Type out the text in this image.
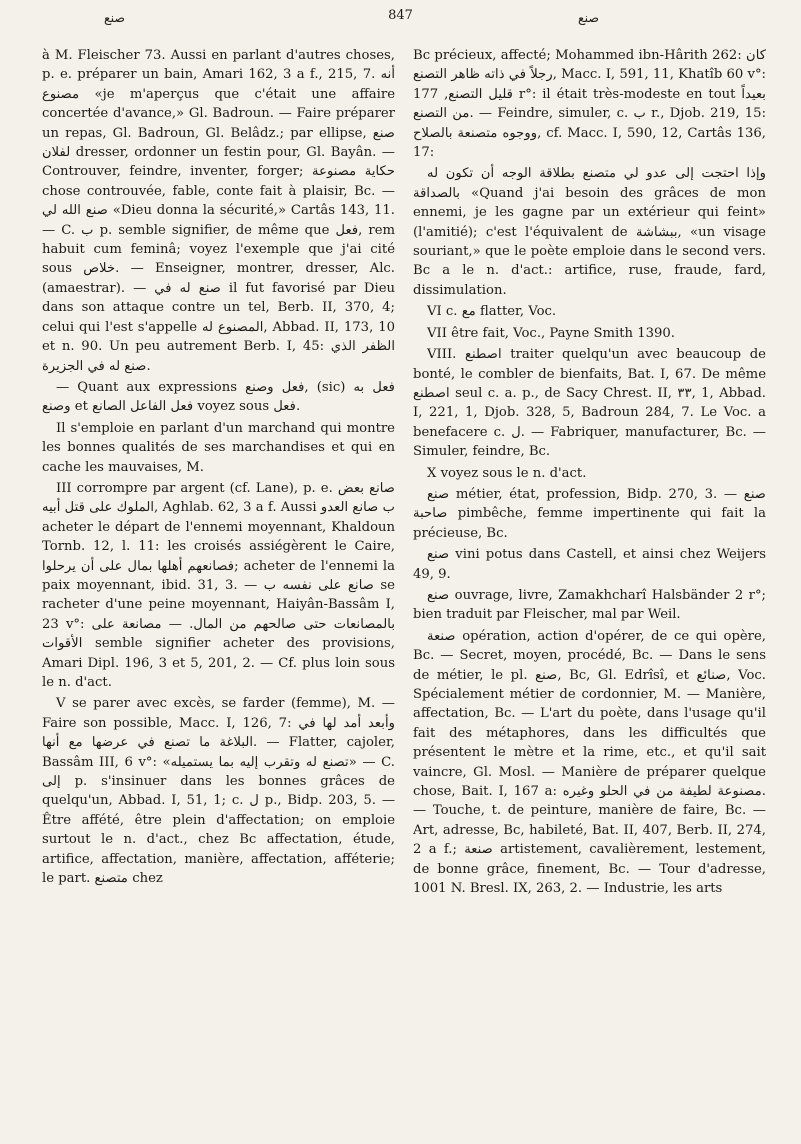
صنع	847	صنع

à M. Fleischer 73. Aussi en parlant d'autres choses, p. e. préparer un bain, Amari 162, 3 a f., 215, 7. أنه مصنوع «je m'aperçus que c'était une affaire concertée d'avance,» Gl. Badroun. — Faire préparer un repas, Gl. Badroun, Gl. Belâdz.; par ellipse, صنع لفلان dresser, ordonner un festin pour, Gl. Bayân. — Controuver, feindre, inventer, forger; حكاية مصنوعة chose controuvée, fable, conte fait à plaisir, Bc. — صنع الله لي «Dieu donna la sécurité,» Cartâs 143, 11. — C. ب p. semble signifier, de même que فعل, rem habuit cum feminâ; voyez l'exemple que j'ai cité sous خلاص. — Enseigner, montrer, dresser, Alc. (amaestrar). — صنع له في il fut favorisé par Dieu dans son attaque contre un tel, Berb. II, 370, 4; celui qui l'est s'appelle المصنوع له, Abbad. II, 173, 10 et n. 90. Un peu autrement Berb. I, 45: الظفر الذي صنع له في الجزيرة.

— Quant aux expressions فعل وصنع, (sic) فعل به وصنع et فعل الفاعل الصانع voyez sous فعل.

Il s'emploie en parlant d'un marchand qui montre les bonnes qualités de ses marchandises et qui en cache les mauvaises, M.

III corrompre par argent (cf. Lane), p. e. صانع بعض الملوك على قتل أبيه, Aghlab. 62, 3 a f. Aussi ب صانع العدو acheter le départ de l'ennemi moyennant, Khaldoun Tornb. 12, l. 11: les croisés assiégèrent le Caire, فصانعهم أهلها بمال على أن يرحلوا; acheter de l'ennemi la paix moyennant, ibid. 31, 3. — صانع على نفسه ب se racheter d'une peine moyennant, Haiyân-Bassâm I, 23 v°: بالمصانعات حتى صالحهم من المال. — مصانعة على الأقوات semble signifier acheter des provisions, Amari Dipl. 196, 3 et 5, 201, 2. — Cf. plus loin sous le n. d'act.

V se parer avec excès, se farder (femme), M. — Faire son possible, Macc. I, 126, 7: وأبعد أمد لها في البلاغة ما تصنع في عرضها مع أنها. — Flatter, cajoler, Bassâm III, 6 v°: «تصنع له وتقرب إليه بما يستميله» — C. إلى p. s'insinuer dans les bonnes grâces de quelqu'un, Abbad. I, 51, 1; c. ل p., Bidp. 203, 5. — Être affété, être plein d'affectation; on emploie surtout le n. d'act., chez Bc affectation, étude, artifice, affectation, manière, affectation, afféterie; le part. متصنع chez

Bc précieux, affecté; Mohammed ibn-Hârith 262: كان رجلاً في ذاته ظاهر التصنع, Macc. I, 591, 11, Khatîb 60 v°: قليل التصنع, 177 r°: il était très-modeste en tout بعيداً من التصنع. — Feindre, simuler, c. ب r., Djob. 219, 15: ووجوه متصنعة بالصلاح, cf. Macc. I, 590, 12, Cartâs 136, 17:

وإذا احتجت إلى عدو لي متصنع بطلاقة الوجه أن تكون له بالصداقة «Quand j'ai besoin des grâces de mon ennemi, je les gagne par un extérieur qui feint» (l'amitié); c'est l'équivalent de ببشاشة, «un visage souriant,» que le poète emploie dans le second vers. Bc a le n. d'act.: artifice, ruse, fraude, fard, dissimulation.

VI c. مع flatter, Voc.

VII être fait, Voc., Payne Smith 1390.

VIII. اصطنع traiter quelqu'un avec beaucoup de bonté, le combler de bienfaits, Bat. I, 67. De même اصطنع seul c. a. p., de Sacy Chrest. II, ٣٣, 1, Abbad. I, 221, 1, Djob. 328, 5, Badroun 284, 7. Le Voc. a benefacere c. ل. — Fabriquer, manufacturer, Bc. — Simuler, feindre, Bc.

X voyez sous le n. d'act.

صنع métier, état, profession, Bidp. 270, 3. — صنع صاحبة pimbêche, femme impertinente qui fait la précieuse, Bc.

صنع vini potus dans Castell, et ainsi chez Weijers 49, 9.

صنع ouvrage, livre, Zamakhcharî Halsbänder 2 r°; bien traduit par Fleischer, mal par Weil.

صنعة opération, action d'opérer, de ce qui opère, Bc. — Secret, moyen, procédé, Bc. — Dans le sens de métier, le pl. صنع, Bc, Gl. Edrîsî, et صنائع, Voc. Spécialement métier de cordonnier, M. — Manière, affectation, Bc. — L'art du poète, dans l'usage qu'il fait des métaphores, dans les difficultés que présentent le mètre et la rime, etc., et qu'il sait vaincre, Gl. Mosl. — Manière de préparer quelque chose, Bait. I, 167 a: مصنوعة لطيفة من في الحلو وغيره. — Touche, t. de peinture, manière de faire, Bc. — Art, adresse, Bc, habileté, Bat. II, 407, Berb. II, 274, 2 a f.; صنعة artistement, cavalièrement, lestement, de bonne grâce, finement, Bc. — Tour d'adresse, 1001 N. Bresl. IX, 263, 2. — Industrie, les arts
